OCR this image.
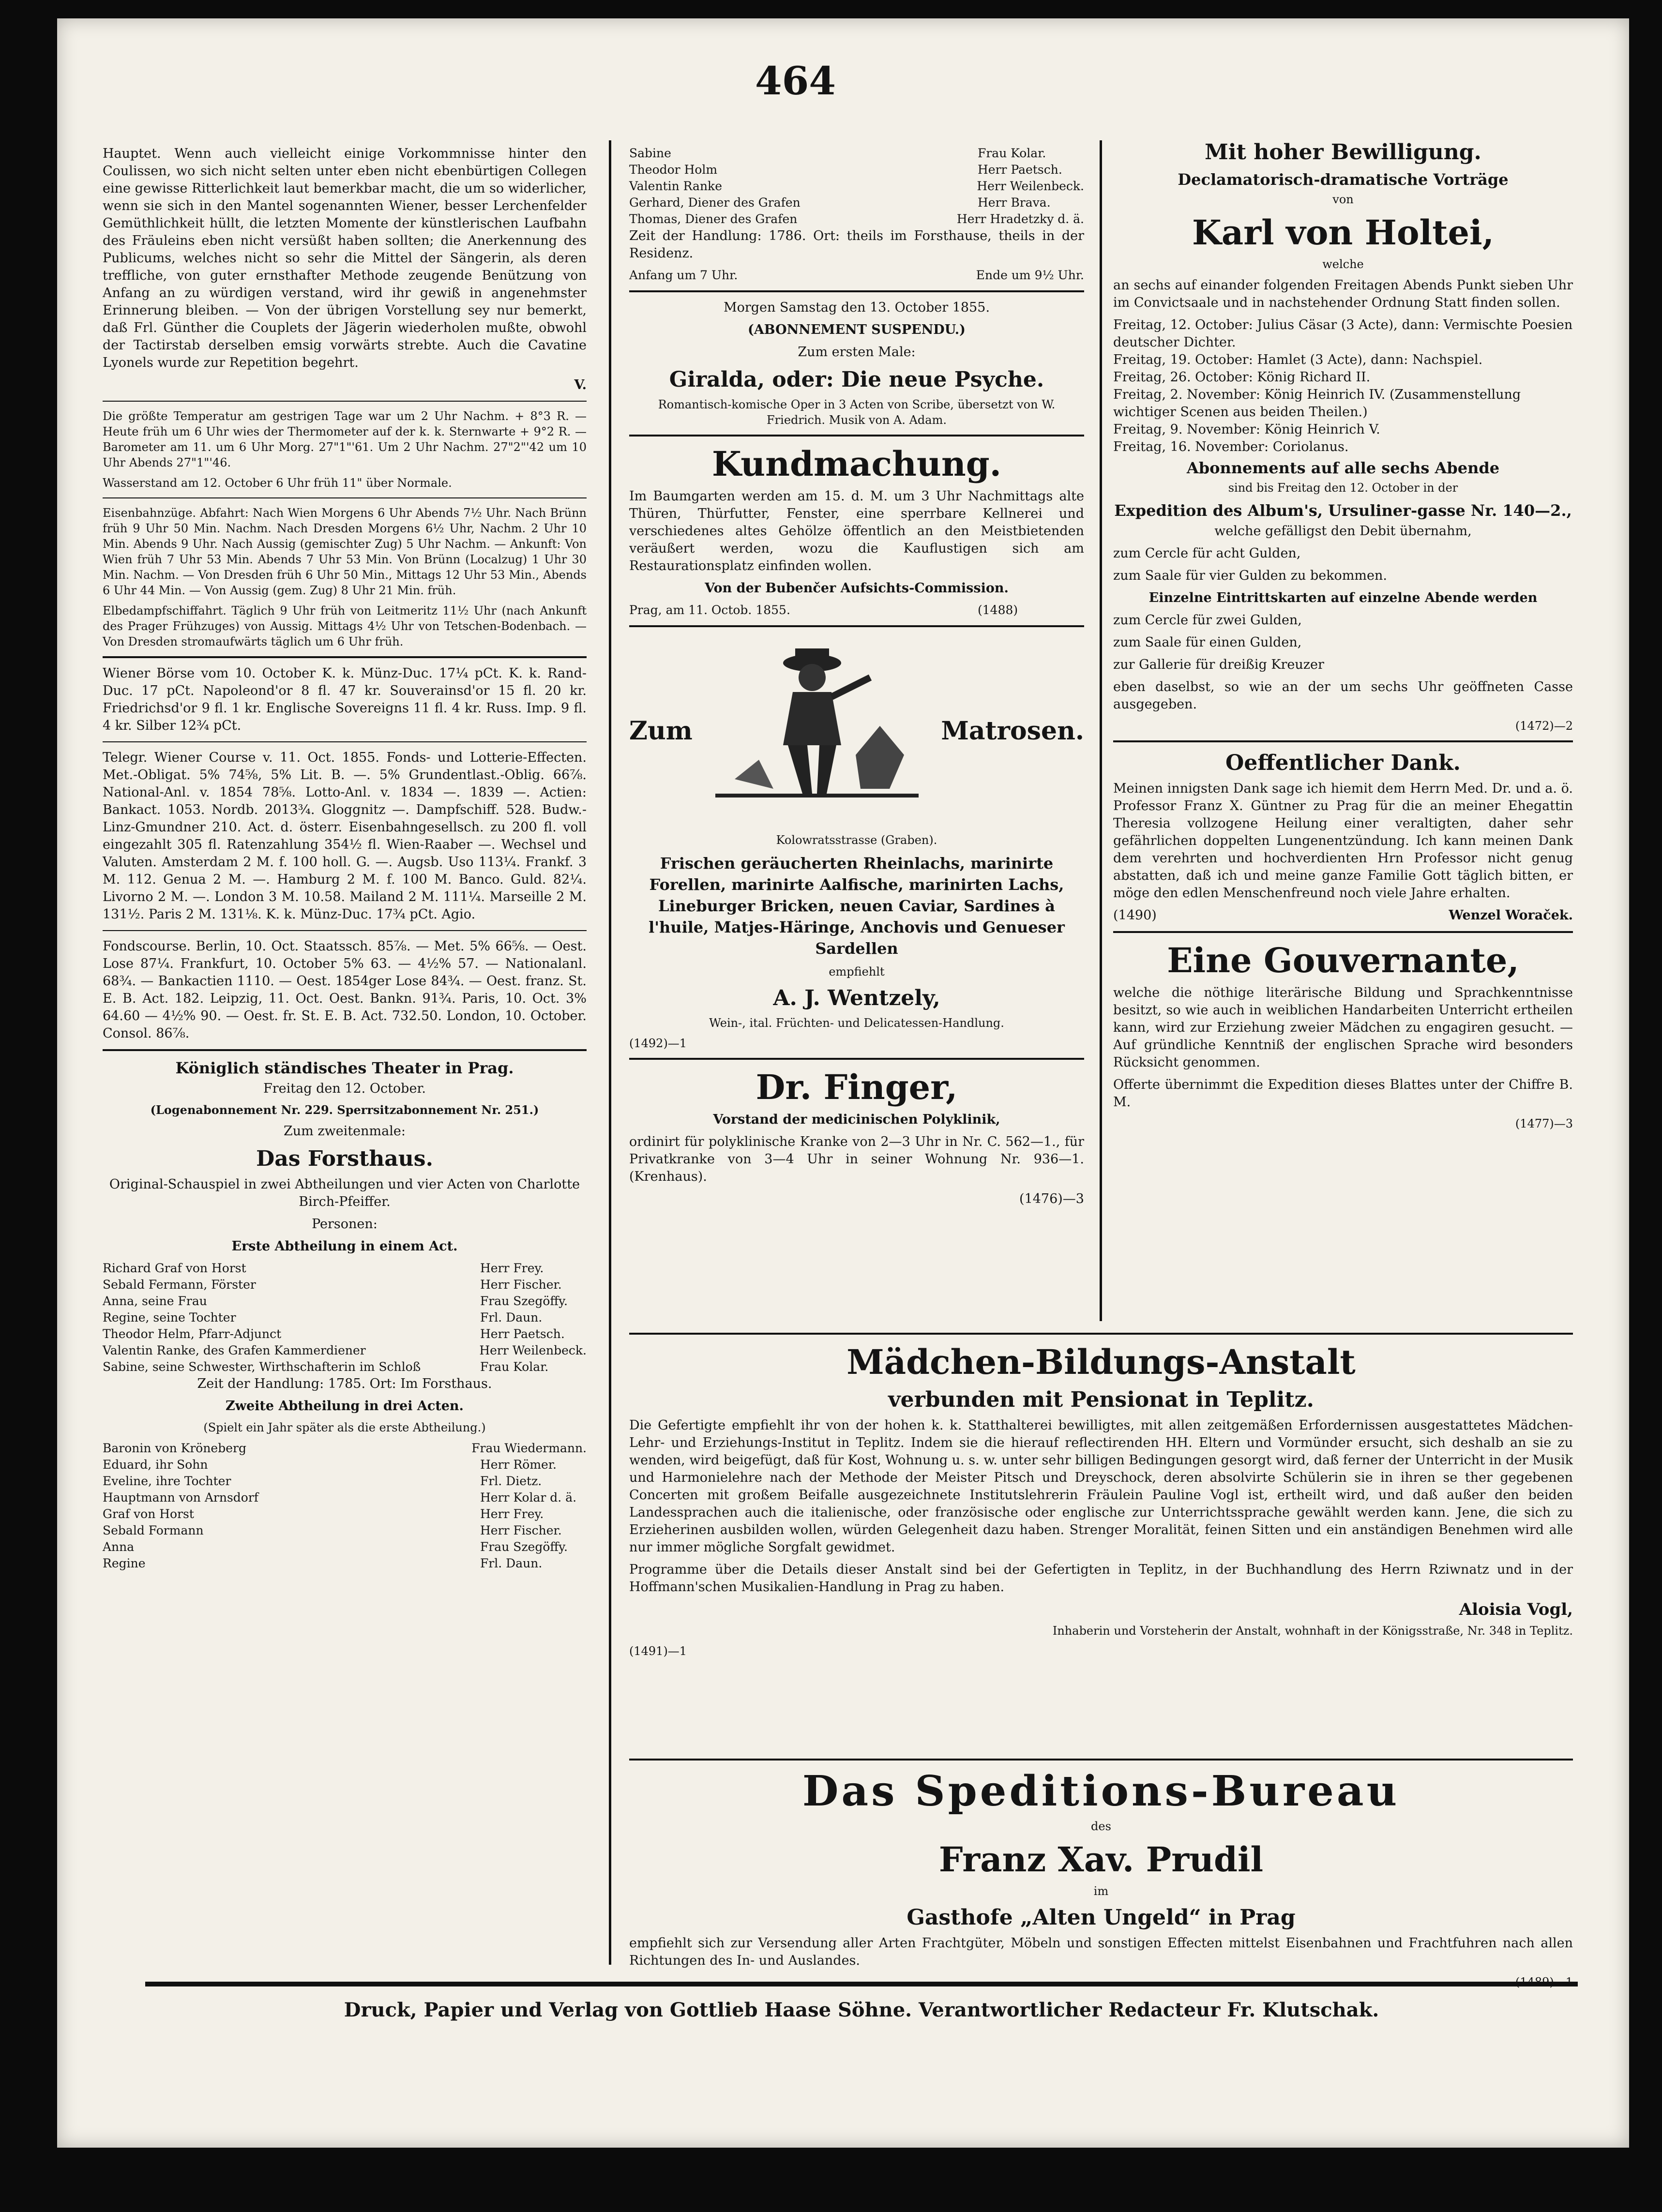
464

Hauptet. Wenn auch vielleicht einige Vorkommnisse hinter den Coulissen, wo sich nicht selten unter eben nicht ebenbürtigen Collegen eine gewisse Ritterlichkeit laut bemerkbar macht, die um so widerlicher, wenn sie sich in den Mantel sogenannten Wiener, besser Lerchenfelder Gemüthlichkeit hüllt, die letzten Momente der künstlerischen Laufbahn des Fräuleins eben nicht versüßt haben sollten; die Anerkennung des Publicums, welches nicht so sehr die Mittel der Sängerin, als deren treffliche, von guter ernsthafter Methode zeugende Benützung von Anfang an zu würdigen verstand, wird ihr gewiß in angenehmster Erinnerung bleiben. — Von der übrigen Vorstellung sey nur bemerkt, daß Frl. Günther die Couplets der Jägerin wiederholen mußte, obwohl der Tactirstab derselben emsig vorwärts strebte. Auch die Cavatine Lyonels wurde zur Repetition begehrt.

V.

Die größte Temperatur am gestrigen Tage war um 2 Uhr Nachm. + 8°3 R. — Heute früh um 6 Uhr wies der Thermometer auf der k. k. Sternwarte + 9°2 R. — Barometer am 11. um 6 Uhr Morg. 27"1"'61. Um 2 Uhr Nachm. 27"2"'42 um 10 Uhr Abends 27"1"'46.

Wasserstand am 12. October 6 Uhr früh 11" über Normale.

Eisenbahnzüge. Abfahrt: Nach Wien Morgens 6 Uhr Abends 7½ Uhr. Nach Brünn früh 9 Uhr 50 Min. Nachm. Nach Dresden Morgens 6½ Uhr, Nachm. 2 Uhr 10 Min. Abends 9 Uhr. Nach Aussig (gemischter Zug) 5 Uhr Nachm. — Ankunft: Von Wien früh 7 Uhr 53 Min. Abends 7 Uhr 53 Min. Von Brünn (Localzug) 1 Uhr 30 Min. Nachm. — Von Dresden früh 6 Uhr 50 Min., Mittags 12 Uhr 53 Min., Abends 6 Uhr 44 Min. — Von Aussig (gem. Zug) 8 Uhr 21 Min. früh.

Elbedampfschiffahrt. Täglich 9 Uhr früh von Leitmeritz 11½ Uhr (nach Ankunft des Prager Frühzuges) von Aussig. Mittags 4½ Uhr von Tetschen-Bodenbach. — Von Dresden stromaufwärts täglich um 6 Uhr früh.

Wiener Börse vom 10. October K. k. Münz-Duc. 17¼ pCt. K. k. Rand-Duc. 17 pCt. Napoleond'or 8 fl. 47 kr. Souverainsd'or 15 fl. 20 kr. Friedrichsd'or 9 fl. 1 kr. Englische Sovereigns 11 fl. 4 kr. Russ. Imp. 9 fl. 4 kr. Silber 12¾ pCt.

Telegr. Wiener Course v. 11. Oct. 1855. Fonds- und Lotterie-Effecten. Met.-Obligat. 5% 74⅝, 5% Lit. B. —. 5% Grundentlast.-Oblig. 66⅞. National-Anl. v. 1854 78⅝. Lotto-Anl. v. 1834 —. 1839 —. Actien: Bankact. 1053. Nordb. 2013¾. Gloggnitz —. Dampfschiff. 528. Budw.-Linz-Gmundner 210. Act. d. österr. Eisenbahngesellsch. zu 200 fl. voll eingezahlt 305 fl. Ratenzahlung 354½ fl. Wien-Raaber —. Wechsel und Valuten. Amsterdam 2 M. f. 100 holl. G. —. Augsb. Uso 113¼. Frankf. 3 M. 112. Genua 2 M. —. Hamburg 2 M. f. 100 M. Banco. Guld. 82¼. Livorno 2 M. —. London 3 M. 10.58. Mailand 2 M. 111¼. Marseille 2 M. 131½. Paris 2 M. 131⅛. K. k. Münz-Duc. 17¾ pCt. Agio.

Fondscourse. Berlin, 10. Oct. Staatssch. 85⅞. — Met. 5% 66⅝. — Oest. Lose 87¼. Frankfurt, 10. October 5% 63. — 4½% 57. — Nationalanl. 68¾. — Bankactien 1110. — Oest. 1854ger Lose 84¾. — Oest. franz. St. E. B. Act. 182. Leipzig, 11. Oct. Oest. Bankn. 91¾. Paris, 10. Oct. 3% 64.60 — 4½% 90. — Oest. fr. St. E. B. Act. 732.50. London, 10. October. Consol. 86⅞.

Königlich ständisches Theater in Prag.

Freitag den 12. October.

(Logenabonnement Nr. 229. Sperrsitzabonnement Nr. 251.)

Zum zweitenmale:

Das Forsthaus.

Original-Schauspiel in zwei Abtheilungen und vier Acten von Charlotte Birch-Pfeiffer.

Personen:

Erste Abtheilung in einem Act.

Richard Graf von Horst	Herr Frey.
Sebald Fermann, Förster	Herr Fischer.
Anna, seine Frau	Frau Szegöffy.
Regine, seine Tochter	Frl. Daun.
Theodor Helm, Pfarr-Adjunct	Herr Paetsch.
Valentin Ranke, des Grafen Kammerdiener	Herr Weilenbeck.
Sabine, seine Schwester, Wirthschafterin im Schloß	Frau Kolar.

Zeit der Handlung: 1785. Ort: Im Forsthaus.

Zweite Abtheilung in drei Acten.

(Spielt ein Jahr später als die erste Abtheilung.)

Baronin von Kröneberg	Frau Wiedermann.
Eduard, ihr Sohn	Herr Römer.
Eveline, ihre Tochter	Frl. Dietz.
Hauptmann von Arnsdorf	Herr Kolar d. ä.
Graf von Horst	Herr Frey.
Sebald Formann	Herr Fischer.
Anna	Frau Szegöffy.
Regine	Frl. Daun.
Sabine	Frau Kolar.
Theodor Holm	Herr Paetsch.
Valentin Ranke	Herr Weilenbeck.
Gerhard, Diener des Grafen	Herr Brava.
Thomas, Diener des Grafen	Herr Hradetzky d. ä.

Zeit der Handlung: 1786. Ort: theils im Forsthause, theils in der Residenz.

Anfang um 7 Uhr.	Ende um 9½ Uhr.

Morgen Samstag den 13. October 1855.

(ABONNEMENT SUSPENDU.)

Zum ersten Male:

Giralda, oder: Die neue Psyche.

Romantisch-komische Oper in 3 Acten von Scribe, übersetzt von W. Friedrich. Musik von A. Adam.

Kundmachung.

Im Baumgarten werden am 15. d. M. um 3 Uhr Nachmittags alte Thüren, Thürfutter, Fenster, eine sperrbare Kellnerei und verschiedenes altes Gehölze öffentlich an den Meistbietenden veräußert werden, wozu die Kauflustigen sich am Restaurationsplatz einfinden wollen.

Von der Bubenčer Aufsichts-Commission.

Prag, am 11. Octob. 1855.	(1488)
Zum	Matrosen.

Kolowratsstrasse (Graben).

Frischen geräucherten Rheinlachs, marinirte Forellen, marinirte Aalfische, marinirten Lachs, Lineburger Bricken, neuen Caviar, Sardines à l'huile, Matjes-Häringe, Anchovis und Genueser Sardellen

empfiehlt

A. J. Wentzely,

Wein-, ital. Früchten- und Delicatessen-Handlung.

(1492)—1

Dr. Finger,

Vorstand der medicinischen Polyklinik,

ordinirt für polyklinische Kranke von 2—3 Uhr in Nr. C. 562—1., für Privatkranke von 3—4 Uhr in seiner Wohnung Nr. 936—1. (Krenhaus).

(1476)—3

Mit hoher Bewilligung.
Declamatorisch-dramatische Vorträge

von

Karl von Holtei,

welche

an sechs auf einander folgenden Freitagen Abends Punkt sieben Uhr im Convictsaale und in nachstehender Ordnung Statt finden sollen.

Freitag, 12. October: Julius Cäsar (3 Acte), dann: Vermischte Poesien deutscher Dichter.
Freitag, 19. October: Hamlet (3 Acte), dann: Nachspiel.
Freitag, 26. October: König Richard II.
Freitag, 2. November: König Heinrich IV. (Zusammenstellung wichtiger Scenen aus beiden Theilen.)
Freitag, 9. November: König Heinrich V.
Freitag, 16. November: Coriolanus.
Abonnements auf alle sechs Abende

sind bis Freitag den 12. October in der

Expedition des Album's, Ursuliner-gasse Nr. 140—2.,

welche gefälligst den Debit übernahm,

zum Cercle für acht Gulden,

zum Saale für vier Gulden zu bekommen.

Einzelne Eintrittskarten auf einzelne Abende werden

zum Cercle für zwei Gulden,

zum Saale für einen Gulden,

zur Gallerie für dreißig Kreuzer

eben daselbst, so wie an der um sechs Uhr geöffneten Casse ausgegeben.

(1472)—2

Oeffentlicher Dank.

Meinen innigsten Dank sage ich hiemit dem Herrn Med. Dr. und a. ö. Professor Franz X. Güntner zu Prag für die an meiner Ehegattin Theresia vollzogene Heilung einer veraltigten, daher sehr gefährlichen doppelten Lungenentzündung. Ich kann meinen Dank dem verehrten und hochverdienten Hrn Professor nicht genug abstatten, daß ich und meine ganze Familie Gott täglich bitten, er möge den edlen Menschenfreund noch viele Jahre erhalten.

(1490)	Wenzel Woraček.
Eine Gouvernante,

welche die nöthige literärische Bildung und Sprachkenntnisse besitzt, so wie auch in weiblichen Handarbeiten Unterricht ertheilen kann, wird zur Erziehung zweier Mädchen zu engagiren gesucht. — Auf gründliche Kenntniß der englischen Sprache wird besonders Rücksicht genommen.

Offerte übernimmt die Expedition dieses Blattes unter der Chiffre B. M.

(1477)—3

Mädchen-Bildungs-Anstalt
verbunden mit Pensionat in Teplitz.

Die Gefertigte empfiehlt ihr von der hohen k. k. Statthalterei bewilligtes, mit allen zeitgemäßen Erfordernissen ausgestattetes Mädchen-Lehr- und Erziehungs-Institut in Teplitz. Indem sie die hierauf reflectirenden HH. Eltern und Vormünder ersucht, sich deshalb an sie zu wenden, wird beigefügt, daß für Kost, Wohnung u. s. w. unter sehr billigen Bedingungen gesorgt wird, daß ferner der Unterricht in der Musik und Harmonielehre nach der Methode der Meister Pitsch und Dreyschock, deren absolvirte Schülerin sie in ihren se ther gegebenen Concerten mit großem Beifalle ausgezeichnete Institutslehrerin Fräulein Pauline Vogl ist, ertheilt wird, und daß außer den beiden Landessprachen auch die italienische, oder französische oder englische zur Unterrichtssprache gewählt werden kann. Jene, die sich zu Erzieherinen ausbilden wollen, würden Gelegenheit dazu haben. Strenger Moralität, feinen Sitten und ein anständigen Benehmen wird alle nur immer mögliche Sorgfalt gewidmet.

Programme über die Details dieser Anstalt sind bei der Gefertigten in Teplitz, in der Buchhandlung des Herrn Rziwnatz und in der Hoffmann'schen Musikalien-Handlung in Prag zu haben.

Aloisia Vogl,

Inhaberin und Vorsteherin der Anstalt, wohnhaft in der Königsstraße, Nr. 348 in Teplitz.

(1491)—1

Das Speditions-Bureau

des

Franz Xav. Prudil

im

Gasthofe „Alten Ungeld“ in Prag

empfiehlt sich zur Versendung aller Arten Frachtgüter, Möbeln und sonstigen Effecten mittelst Eisenbahnen und Frachtfuhren nach allen Richtungen des In- und Auslandes.

Druck, Papier und Verlag von Gottlieb Haase Söhne. Verantwortlicher Redacteur Fr. Klutschak.
